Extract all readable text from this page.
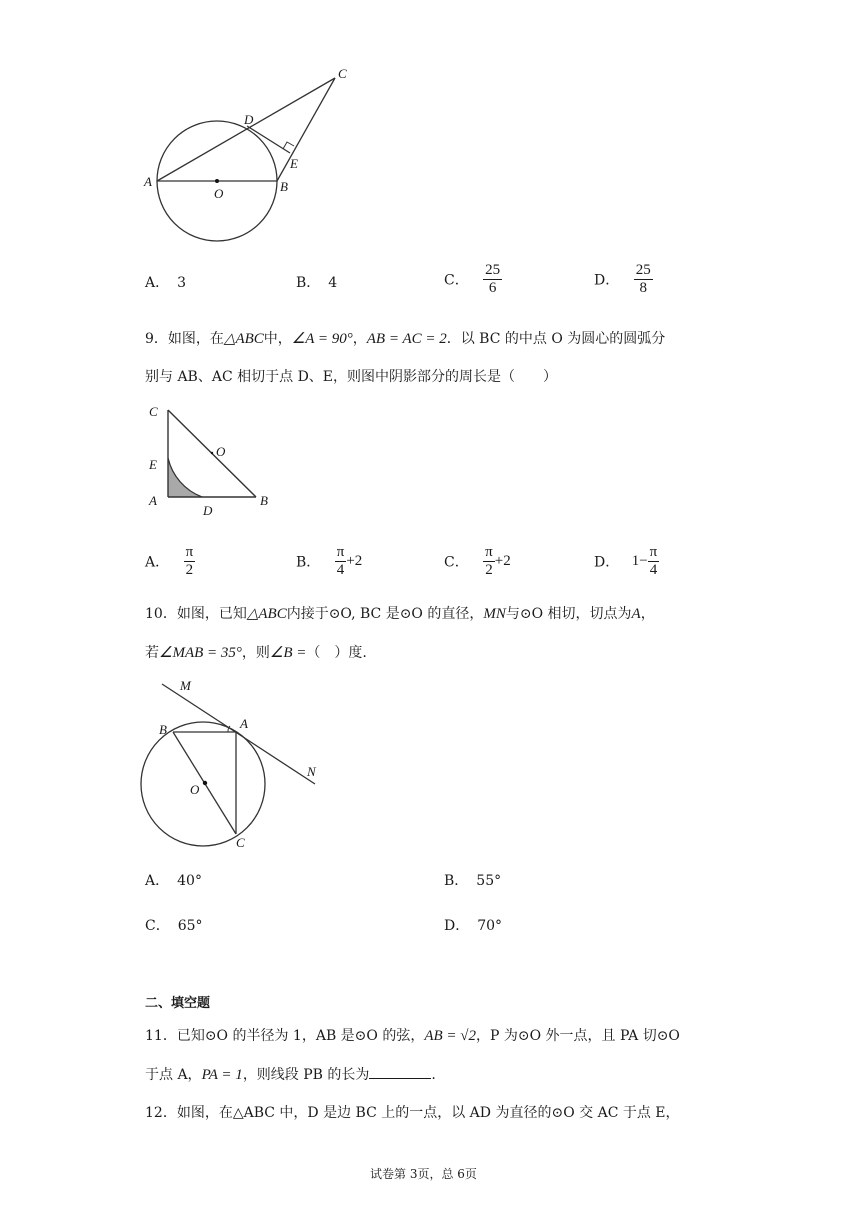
C
D
E
A
O	B
A． 3	B． 4	C． $\frac{25}{6}$	D． $\frac{25}{8}$
9．如图，在△ABC中，∠A = 90°，AB = AC = 2．以 BC 的中点 O 为圆心的圆弧分
别与 AB、AC 相切于点 D、E，则图中阴影部分的周长是（　　）
C
O
E
A
D
B
A． $\frac{\pi}{2}$	B． $\frac{\pi}{4} +2$	C． $\frac{\pi}{2} +2$	D． $1- \frac{\pi}{4}$
10．如图，已知△ABC内接于⊙O, BC 是⊙O 的直径，MN与⊙O 相切，切点为A，
若∠MAB = 35°，则∠B =（　）度.
M
B	A
O
N
C
A． 40°	B． 55°
C． 65°	D． 70°
二、填空题
11．已知⊙O 的半径为 1，AB 是⊙O 的弦，AB = √2，P 为⊙O 外一点，且 PA 切⊙O
于点 A，PA = 1，则线段 PB 的长为	.
12．如图，在△ABC 中，D 是边 BC 上的一点，以 AD 为直径的⊙O 交 AC 于点 E，
试卷第 3页，总 6页
